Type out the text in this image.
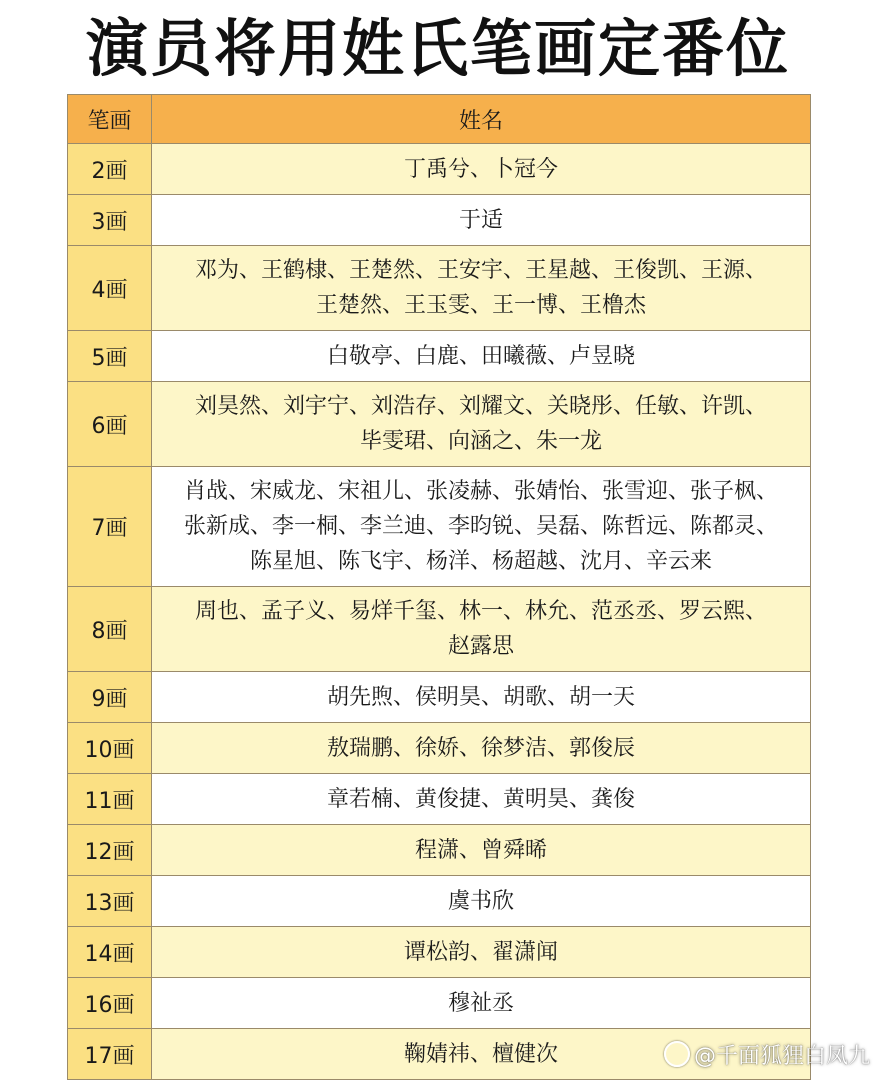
演员将用姓氏笔画定番位
笔画	姓名
2画	丁禹兮、卜冠今

3画	于适

4画	邓为、王鹤棣、王楚然、王安宇、王星越、王俊凯、王源、
王楚然、王玉雯、王一博、王橹杰

5画	白敬亭、白鹿、田曦薇、卢昱晓

6画	刘昊然、刘宇宁、刘浩存、刘耀文、关晓彤、任敏、许凯、
毕雯珺、向涵之、朱一龙

7画	肖战、宋威龙、宋祖儿、张凌赫、张婧怡、张雪迎、张子枫、
张新成、李一桐、李兰迪、李昀锐、吴磊、陈哲远、陈都灵、
陈星旭、陈飞宇、杨洋、杨超越、沈月、辛云来

8画	周也、孟子义、易烊千玺、林一、林允、范丞丞、罗云熙、
赵露思

9画	胡先煦、侯明昊、胡歌、胡一天

10画	敖瑞鹏、徐娇、徐梦洁、郭俊辰

11画	章若楠、黄俊捷、黄明昊、龚俊

12画	程潇、曾舜晞

13画	虞书欣

14画	谭松韵、翟潇闻

16画	穆祉丞

17画	鞠婧祎、檀健次	@千面狐狸白凤九
